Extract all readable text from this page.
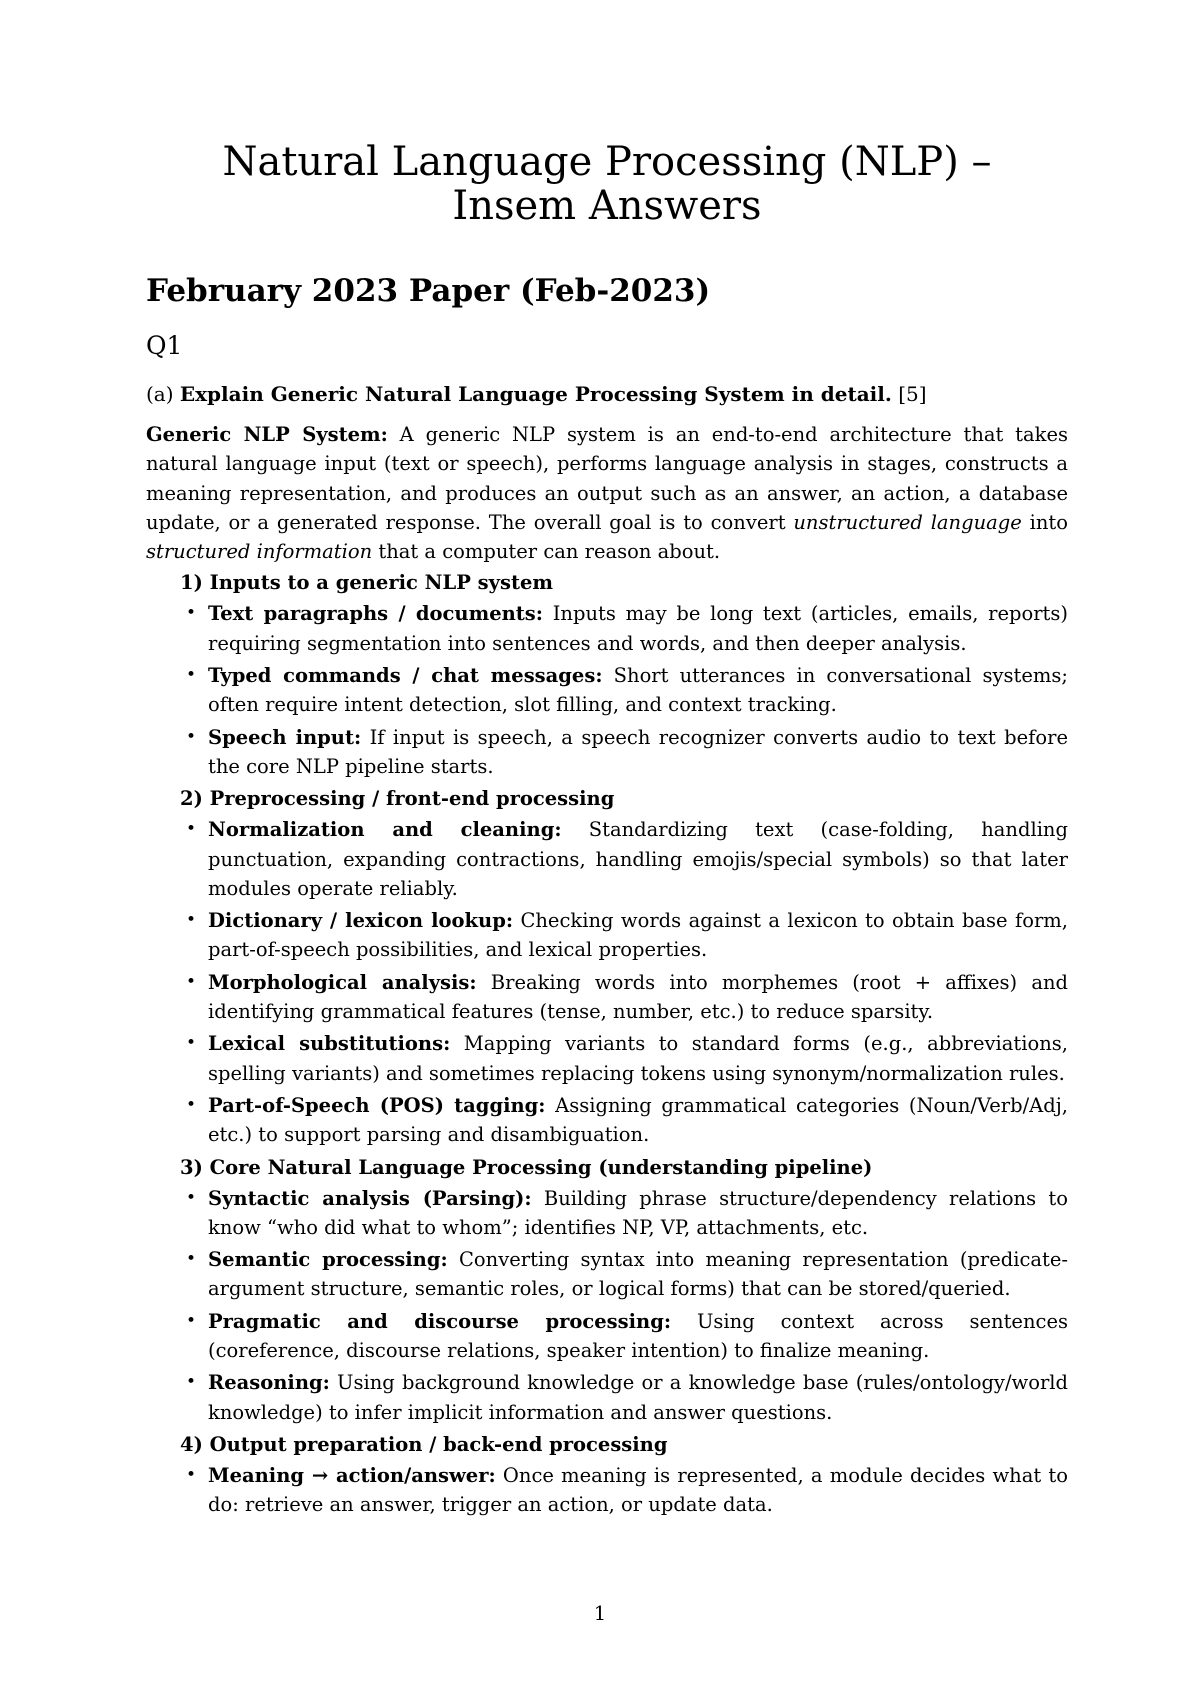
Natural Language Processing (NLP) –
Insem Answers
February 2023 Paper (Feb-2023)
Q1

(a) Explain Generic Natural Language Processing System in detail. [5]

Generic NLP System: A generic NLP system is an end-to-end architecture that takes natural language input (text or speech), performs language analysis in stages, constructs a meaning representation, and produces an output such as an answer, an action, a database update, or a generated response. The overall goal is to convert unstructured language into structured information that a computer can reason about.

1) Inputs to a generic NLP system
• Text paragraphs / documents: Inputs may be long text (articles, emails, reports) requiring segmentation into sentences and words, and then deeper analysis.
• Typed commands / chat messages: Short utterances in conversational systems; often require intent detection, slot filling, and context tracking.
• Speech input: If input is speech, a speech recognizer converts audio to text before the core NLP pipeline starts.
2) Preprocessing / front-end processing
• Normalization and cleaning: Standardizing text (case-folding, handling punctuation, expanding contractions, handling emojis/special symbols) so that later modules operate reliably.
• Dictionary / lexicon lookup: Checking words against a lexicon to obtain base form, part-of-speech possibilities, and lexical properties.
• Morphological analysis: Breaking words into morphemes (root + affixes) and identifying grammatical features (tense, number, etc.) to reduce sparsity.
• Lexical substitutions: Mapping variants to standard forms (e.g., abbreviations, spelling variants) and sometimes replacing tokens using synonym/normalization rules.
• Part-of-Speech (POS) tagging: Assigning grammatical categories (Noun/Verb/Adj, etc.) to support parsing and disambiguation.
3) Core Natural Language Processing (understanding pipeline)
• Syntactic analysis (Parsing): Building phrase structure/dependency relations to know “who did what to whom”; identifies NP, VP, attachments, etc.
• Semantic processing: Converting syntax into meaning representation (predicate-argument structure, semantic roles, or logical forms) that can be stored/queried.
• Pragmatic and discourse processing: Using context across sentences (coreference, discourse relations, speaker intention) to finalize meaning.
• Reasoning: Using background knowledge or a knowledge base (rules/ontology/world knowledge) to infer implicit information and answer questions.
4) Output preparation / back-end processing
• Meaning → action/answer: Once meaning is represented, a module decides what to do: retrieve an answer, trigger an action, or update data.
1
